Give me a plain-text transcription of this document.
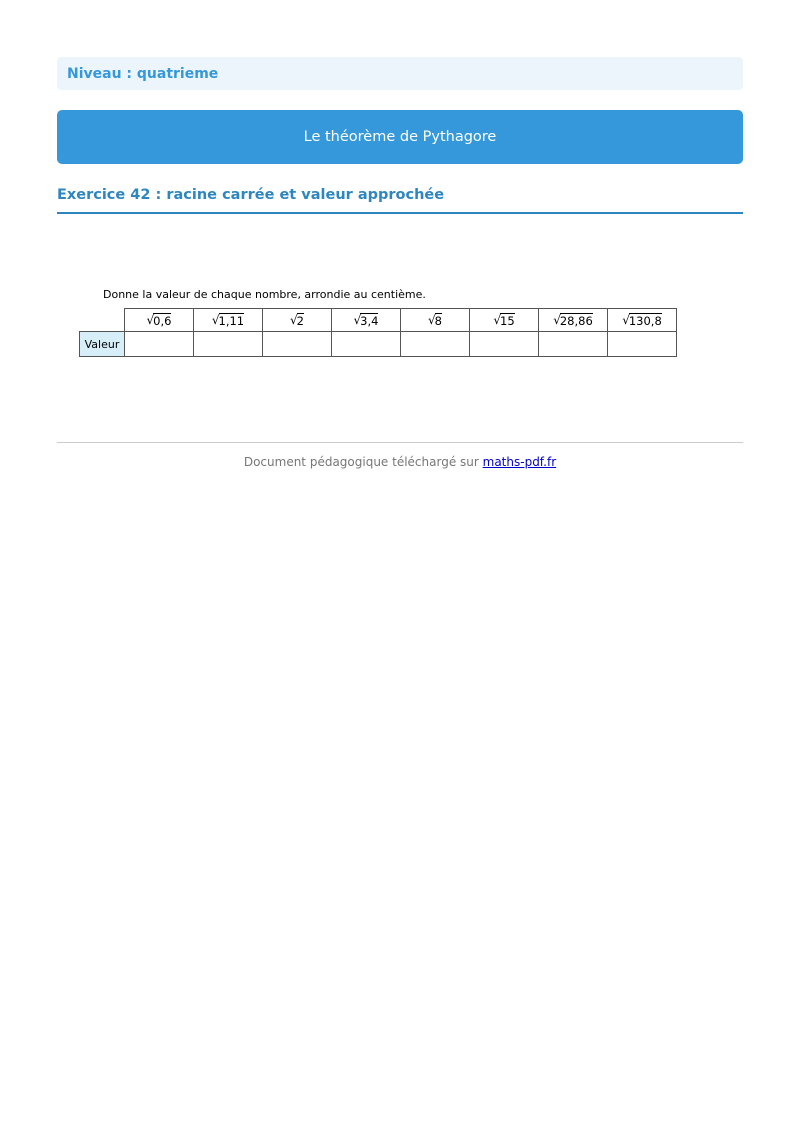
Niveau : quatrieme
Le théorème de Pythagore
Exercice 42 : racine carrée et valeur approchée
Donne la valeur de chaque nombre, arrondie au centième.

	√ 0,6	√ 1,11	√ 2	√ 3,4	√ 8	√ 15	√ 28,86	√ 130,8

Valeur								
Document pédagogique téléchargé sur maths-pdf.fr
